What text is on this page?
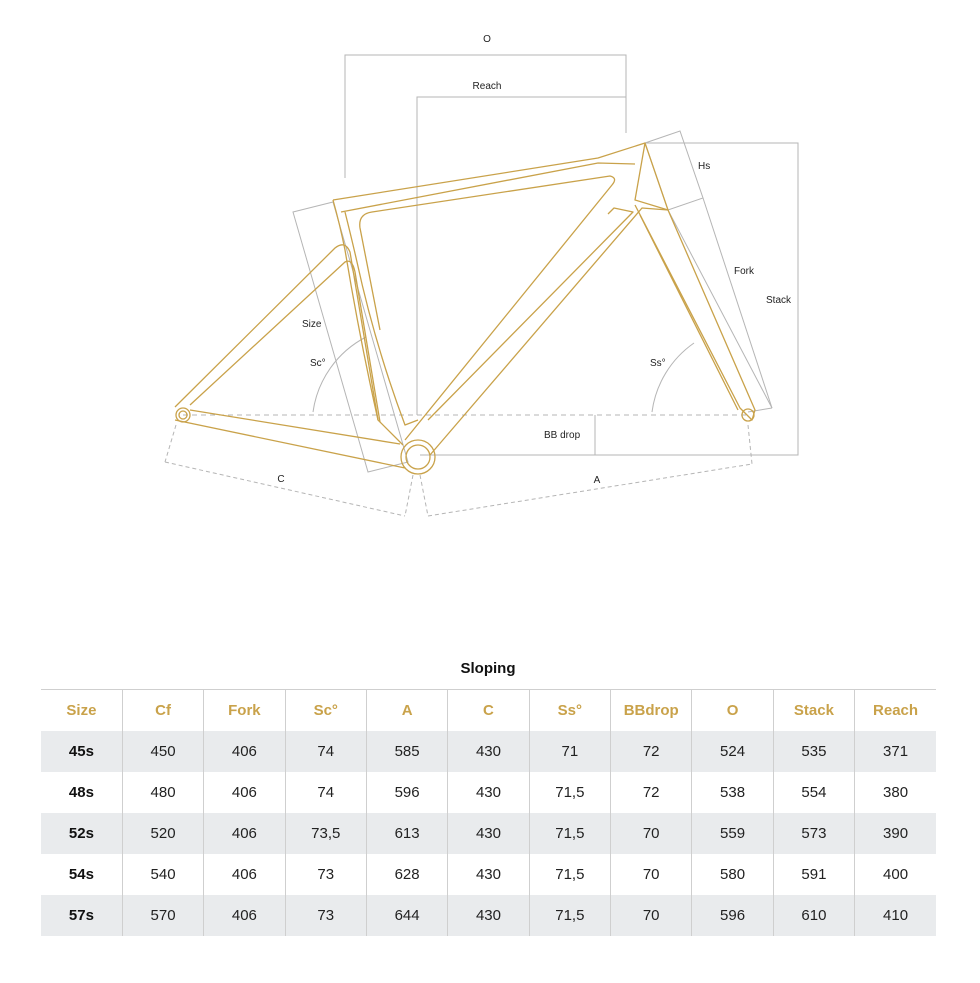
O
Reach
Hs
Fork
Stack
Size
Sc°	Ss°
BB drop
C	A
Sloping
Size	Cf	Fork	Sc°	A	C	Ss°	BBdrop	O	Stack	Reach
45s	450	406	74	585	430	71	72	524	535	371
48s	480	406	74	596	430	71,5	72	538	554	380
52s	520	406	73,5	613	430	71,5	70	559	573	390
54s	540	406	73	628	430	71,5	70	580	591	400
57s	570	406	73	644	430	71,5	70	596	610	410
